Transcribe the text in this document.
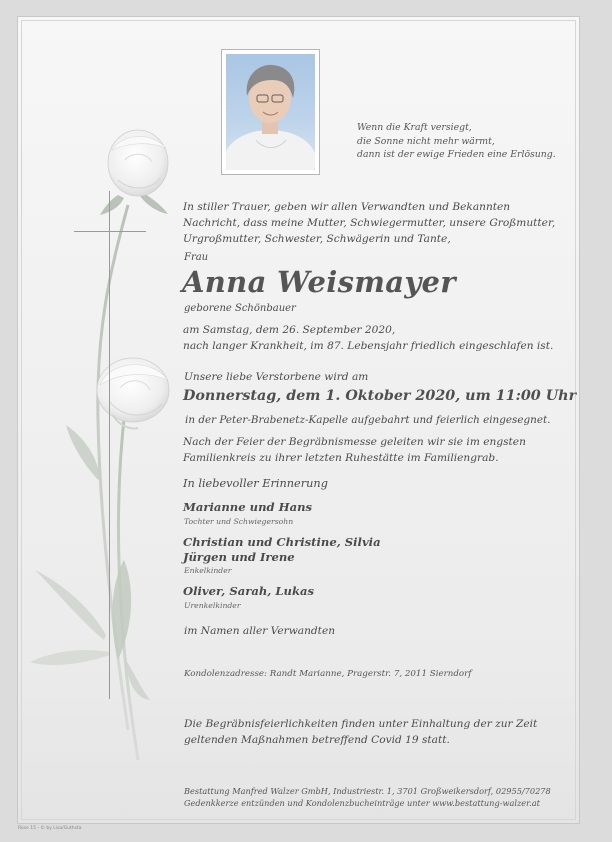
Wenn die Kraft versiegt,
die Sonne nicht mehr wärmt,
dann ist der ewige Frieden eine Erlösung.
In stiller Trauer, geben wir allen Verwandten und Bekannten
Nachricht, dass meine Mutter, Schwiegermutter, unsere Großmutter,
Urgroßmutter, Schwester, Schwägerin und Tante,
Frau
Anna Weismayer
geborene Schönbauer
am Samstag, dem 26. September 2020,
nach langer Krankheit, im 87. Lebensjahr friedlich eingeschlafen ist.
Unsere liebe Verstorbene wird am
Donnerstag, dem 1. Oktober 2020, um 11:00 Uhr
in der Peter-Brabenetz-Kapelle aufgebahrt und feierlich eingesegnet.
Nach der Feier der Begräbnismesse geleiten wir sie im engsten
Familienkreis zu ihrer letzten Ruhestätte im Familiengrab.
In liebevoller Erinnerung
Marianne und Hans
Tochter und Schwiegersohn
Christian und Christine, Silvia
Jürgen und Irene
Enkelkinder
Oliver, Sarah, Lukas
Urenkelkinder
im Namen aller Verwandten
Kondolenzadresse: Randt Marianne, Pragerstr. 7, 2011 Sierndorf
Die Begräbnisfeierlichkeiten finden unter Einhaltung der zur Zeit
geltenden Maßnahmen betreffend Covid 19 statt.
Bestattung Manfred Walzer GmbH, Industriestr. 1, 3701 Großweikersdorf, 02955/70278
Gedenkkerze entzünden und Kondolenzbucheinträge unter www.bestattung-walzer.at
Rose 15 - © by Lisa/Guthsta
